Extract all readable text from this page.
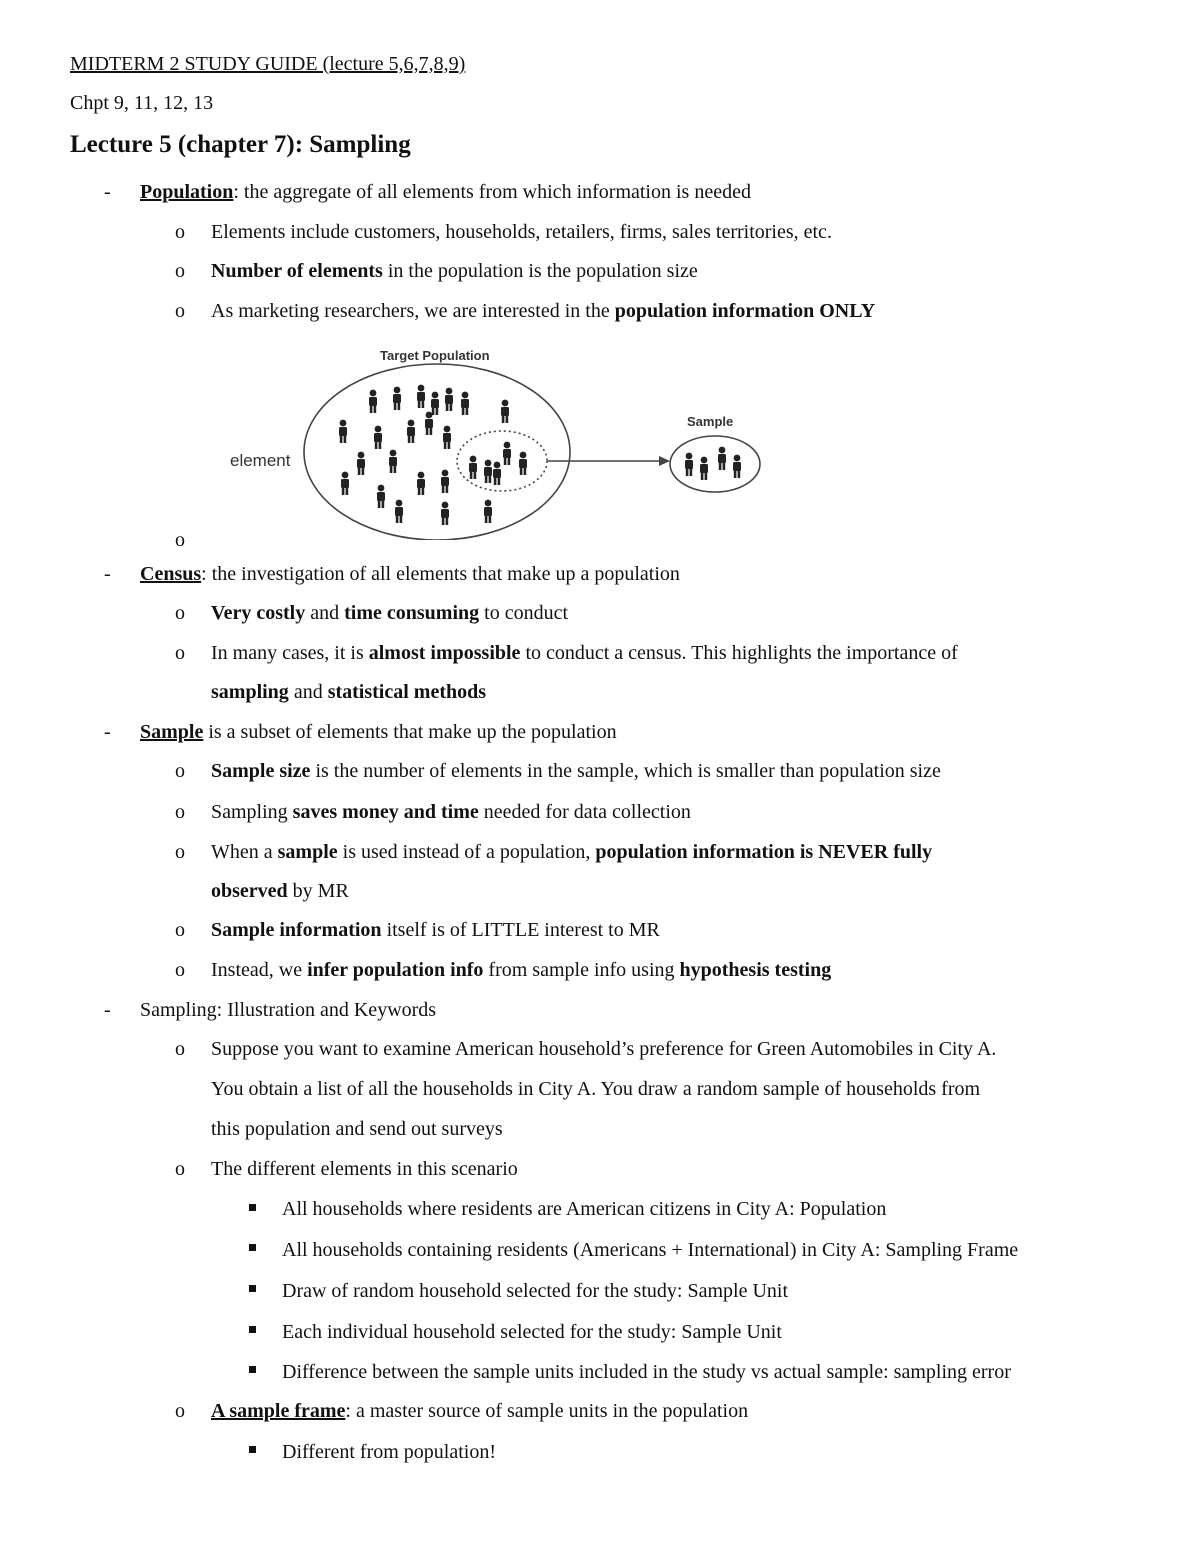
MIDTERM 2 STUDY GUIDE (lecture 5,6,7,8,9)
Chpt 9, 11, 12, 13
Lecture 5 (chapter 7): Sampling
- Population: the aggregate of all elements from which information is needed
o Elements include customers, households, retailers, firms, sales territories, etc.
o Number of elements in the population is the population size
o As marketing researchers, we are interested in the population information ONLY
Target Population
element
Sample
o
- Census: the investigation of all elements that make up a population
o Very costly and time consuming to conduct
o In many cases, it is almost impossible to conduct a census. This highlights the importance of
sampling and statistical methods
- Sample is a subset of elements that make up the population
o Sample size is the number of elements in the sample, which is smaller than population size
o Sampling saves money and time needed for data collection
o When a sample is used instead of a population, population information is NEVER fully
observed by MR
o Sample information itself is of LITTLE interest to MR
o Instead, we infer population info from sample info using hypothesis testing
- Sampling: Illustration and Keywords
o Suppose you want to examine American household’s preference for Green Automobiles in City A.
You obtain a list of all the households in City A. You draw a random sample of households from
this population and send out surveys
o The different elements in this scenario
All households where residents are American citizens in City A: Population
All households containing residents (Americans + International) in City A: Sampling Frame
Draw of random household selected for the study: Sample Unit
Each individual household selected for the study: Sample Unit
Difference between the sample units included in the study vs actual sample: sampling error
o A sample frame: a master source of sample units in the population
Different from population!
